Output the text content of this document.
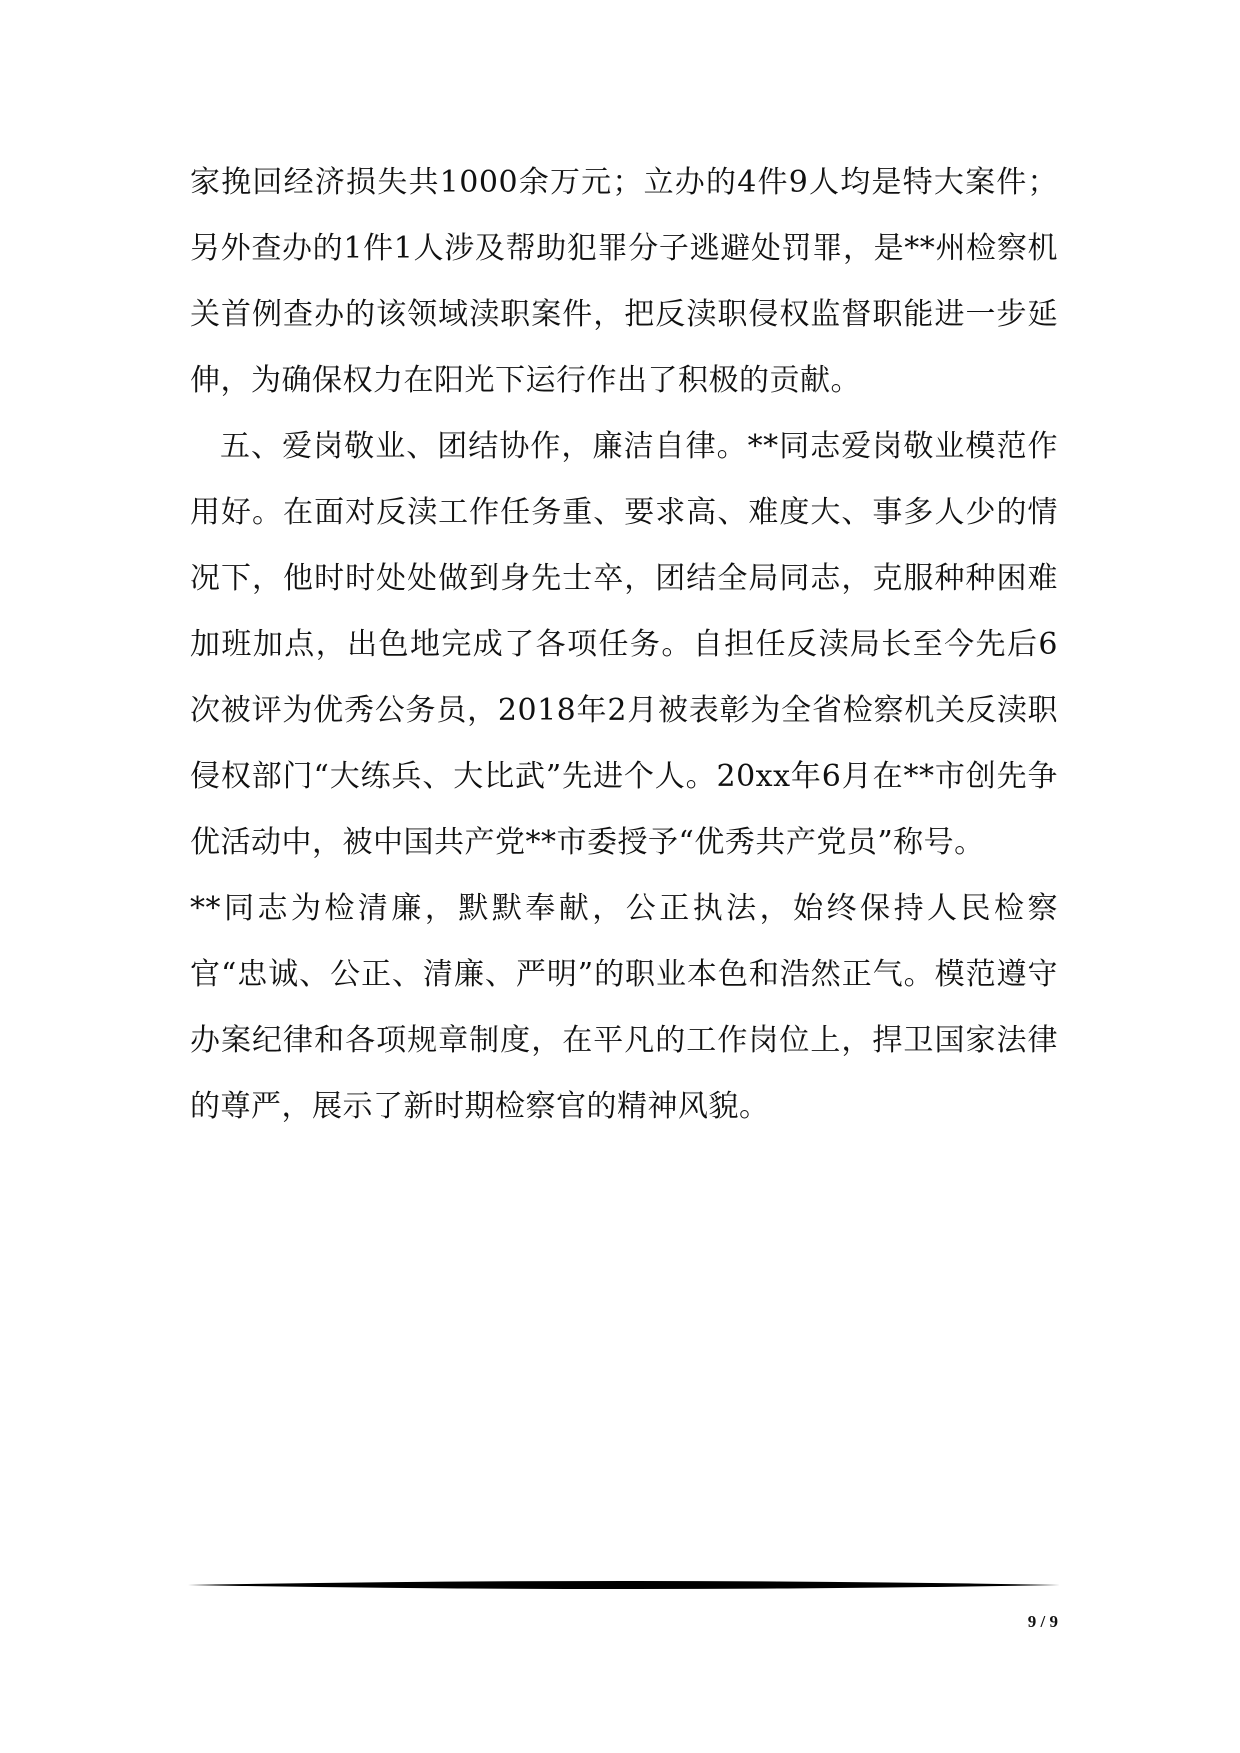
家挽回经济损失共1000余万元；立办的4件9人均是特大案件；另外查办的1件1人涉及帮助犯罪分子逃避处罚罪，是**州检察机关首例查办的该领域渎职案件，把反渎职侵权监督职能进一步延伸，为确保权力在阳光下运行作出了积极的贡献。

五、爱岗敬业、团结协作，廉洁自律。**同志爱岗敬业模范作用好。在面对反渎工作任务重、要求高、难度大、事多人少的情况下，他时时处处做到身先士卒，团结全局同志，克服种种困难加班加点，出色地完成了各项任务。自担任反渎局长至今先后6次被评为优秀公务员，2018年2月被表彰为全省检察机关反渎职侵权部门“大练兵、大比武”先进个人。20xx年6月在**市创先争优活动中，被中国共产党**市委授予“优秀共产党员”称号。

**同志为检清廉，默默奉献，公正执法，始终保持人民检察官“忠诚、公正、清廉、严明”的职业本色和浩然正气。模范遵守办案纪律和各项规章制度，在平凡的工作岗位上，捍卫国家法律的尊严，展示了新时期检察官的精神风貌。

9 / 9
